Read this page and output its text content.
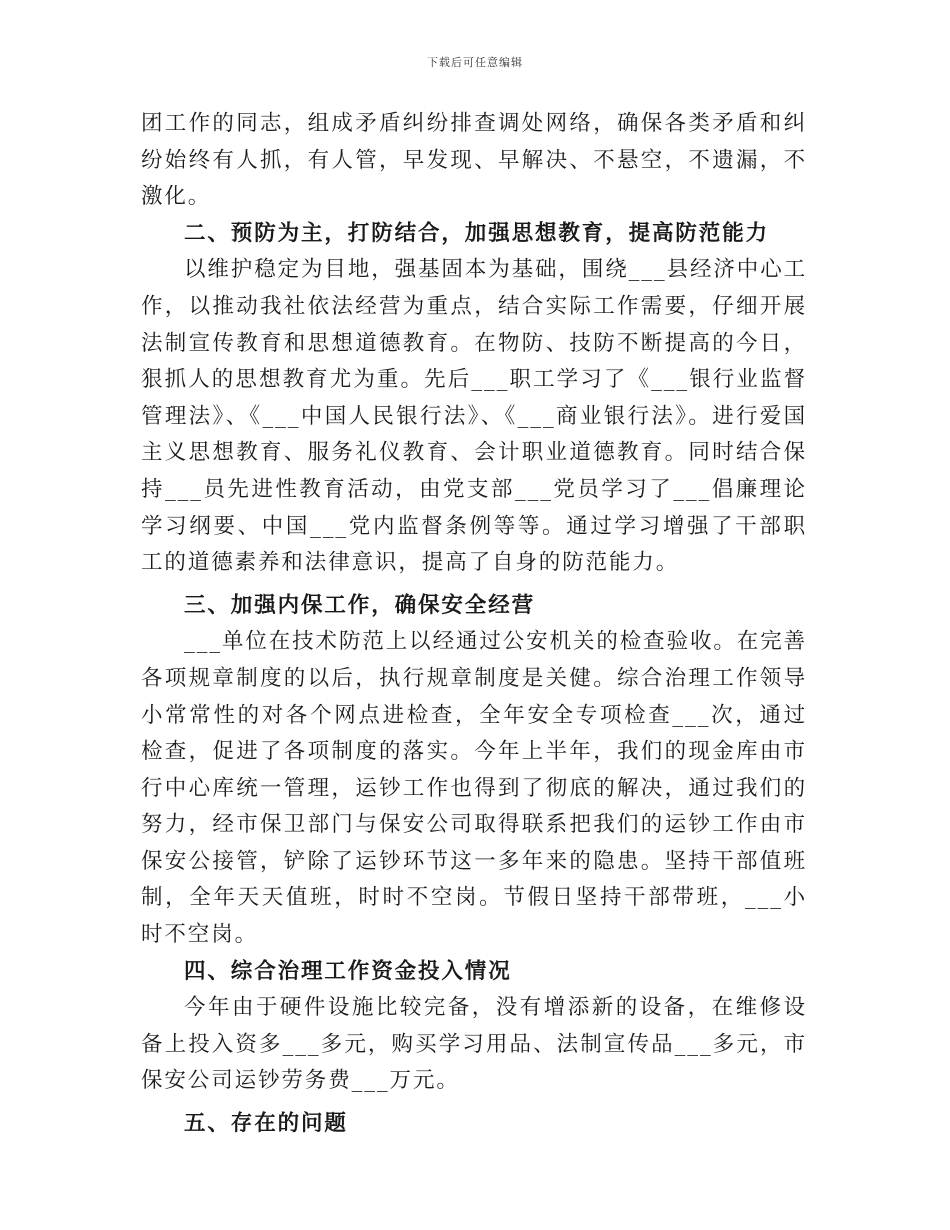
下载后可任意编辑

团工作的同志，组成矛盾纠纷排查调处网络，确保各类矛盾和纠纷始终有人抓，有人管，早发现、早解决、不悬空，不遗漏，不激化。

二、预防为主，打防结合，加强思想教育，提高防范能力

以维护稳定为目地，强基固本为基础，围绕___县经济中心工作，以推动我社依法经营为重点，结合实际工作需要，仔细开展法制宣传教育和思想道德教育。在物防、技防不断提高的今日，狠抓人的思想教育尤为重。先后___职工学习了《___银行业监督管理法》、《___中国人民银行法》、《___商业银行法》。进行爱国主义思想教育、服务礼仪教育、会计职业道德教育。同时结合保持___员先进性教育活动，由党支部___党员学习了___倡廉理论学习纲要、中国___党内监督条例等等。通过学习增强了干部职工的道德素养和法律意识，提高了自身的防范能力。

三、加强内保工作，确保安全经营

___单位在技术防范上以经通过公安机关的检查验收。在完善各项规章制度的以后，执行规章制度是关健。综合治理工作领导小常常性的对各个网点进检查，全年安全专项检查___次，通过检查，促进了各项制度的落实。今年上半年，我们的现金库由市行中心库统一管理，运钞工作也得到了彻底的解决，通过我们的努力，经市保卫部门与保安公司取得联系把我们的运钞工作由市保安公接管，铲除了运钞环节这一多年来的隐患。坚持干部值班制，全年天天值班，时时不空岗。节假日坚持干部带班，___小时不空岗。

四、综合治理工作资金投入情况

今年由于硬件设施比较完备，没有增添新的设备，在维修设备上投入资多___多元，购买学习用品、法制宣传品___多元，市保安公司运钞劳务费___万元。

五、存在的问题
